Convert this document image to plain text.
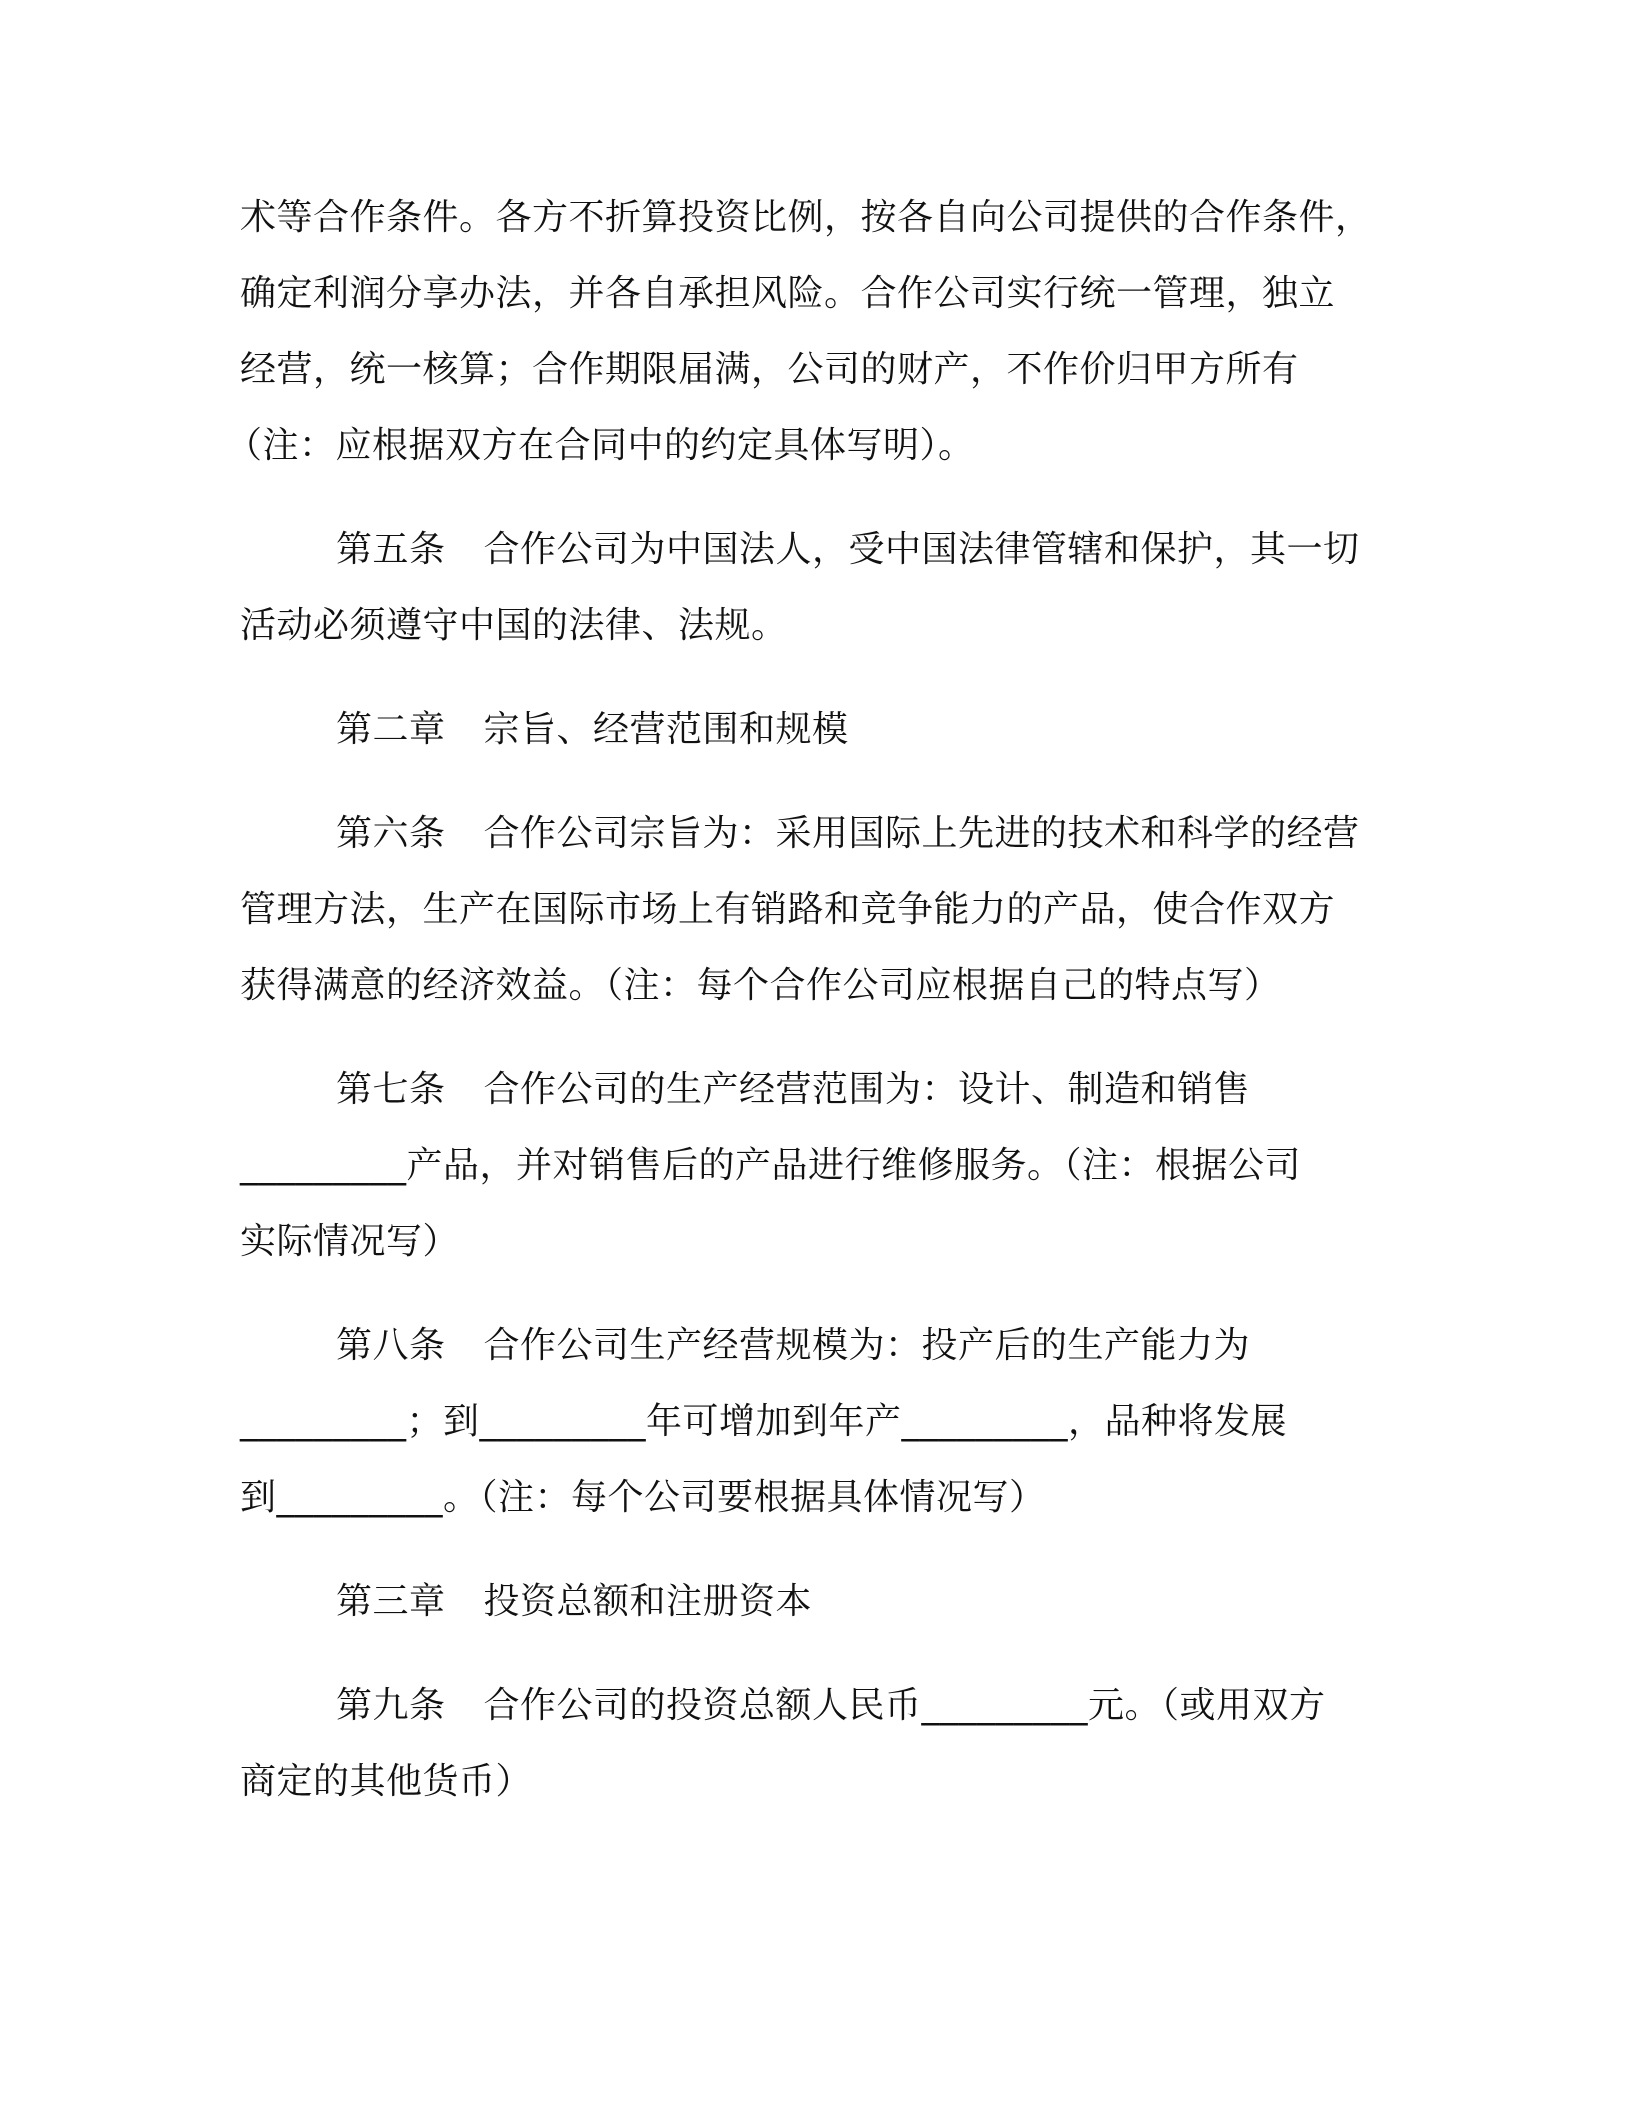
术等合作条件。各方不折算投资比例，按各自向公司提供的合作条件，
确定利润分享办法，并各自承担风险。合作公司实行统一管理，独立
经营，统一核算；合作期限届满，公司的财产，不作价归甲方所有
（注：应根据双方在合同中的约定具体写明）。

第五条 合作公司为中国法人，受中国法律管辖和保护，其一切
活动必须遵守中国的法律、法规。

第二章 宗旨、经营范围和规模

第六条 合作公司宗旨为：采用国际上先进的技术和科学的经营
管理方法，生产在国际市场上有销路和竞争能力的产品，使合作双方
获得满意的经济效益。（注：每个合作公司应根据自己的特点写）

第七条 合作公司的生产经营范围为：设计、制造和销售
_________产品，并对销售后的产品进行维修服务。（注：根据公司
实际情况写）

第八条 合作公司生产经营规模为：投产后的生产能力为
_________；到_________年可增加到年产_________，品种将发展
到_________。（注：每个公司要根据具体情况写）

第三章 投资总额和注册资本

第九条 合作公司的投资总额人民币_________元。（或用双方
商定的其他货币）
